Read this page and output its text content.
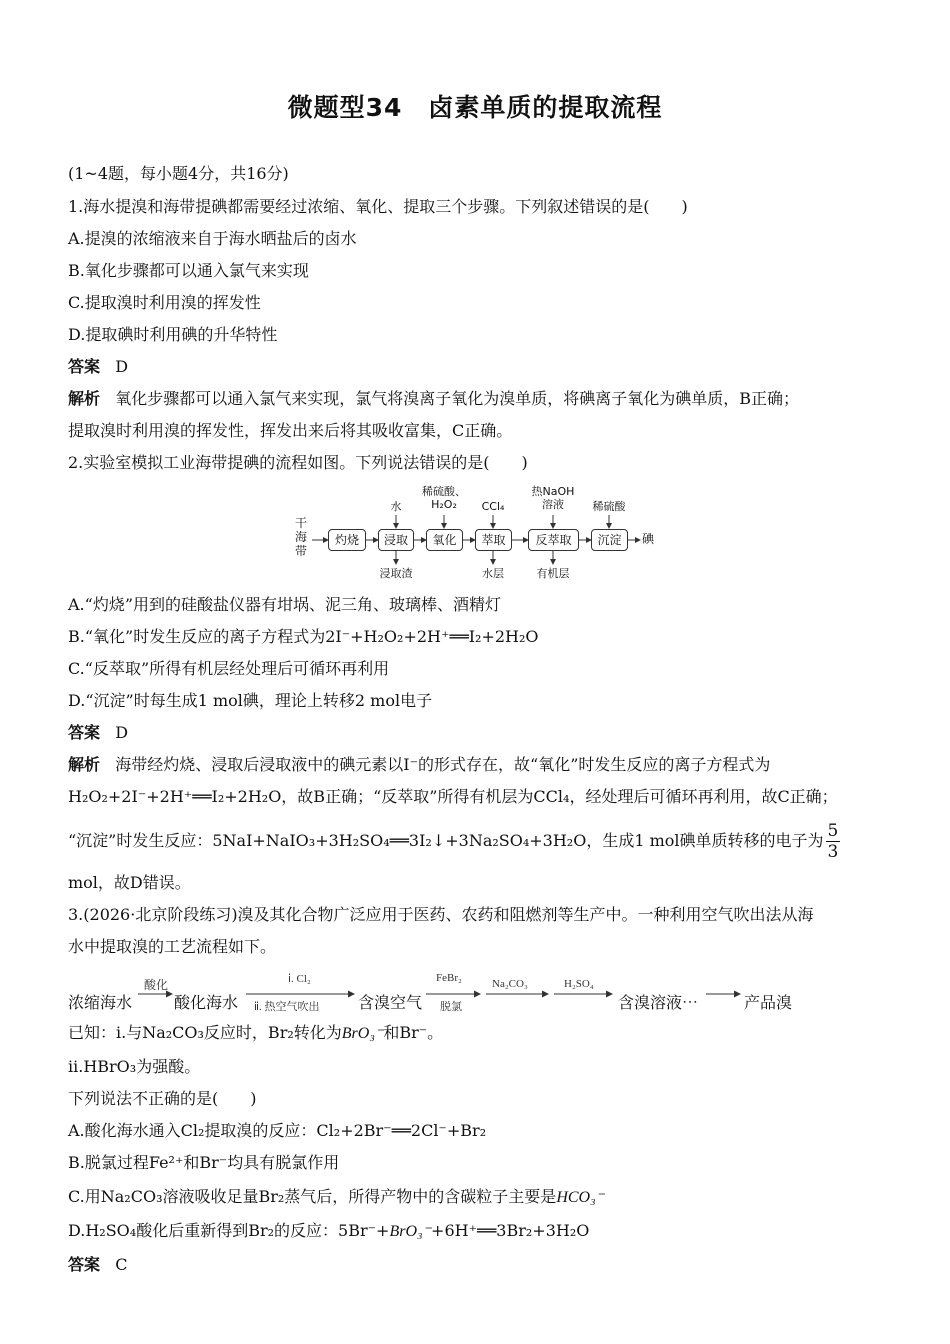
微题型34　卤素单质的提取流程
(1~4题，每小题4分，共16分)
1.海水提溴和海带提碘都需要经过浓缩、氧化、提取三个步骤。下列叙述错误的是(　　)
A.提溴的浓缩液来自于海水晒盐后的卤水
B.氧化步骤都可以通入氯气来实现
C.提取溴时利用溴的挥发性
D.提取碘时利用碘的升华特性
答案 D
解析 氧化步骤都可以通入氯气来实现，氯气将溴离子氧化为溴单质，将碘离子氧化为碘单质，B正确；
提取溴时利用溴的挥发性，挥发出来后将其吸收富集，C正确。
2.实验室模拟工业海带提碘的流程如图。下列说法错误的是(　　)
干海带
灼烧	浸取	氧化	萃取	反萃取	沉淀	碘
水
稀硫酸、H₂O₂	CCl₄
热NaOH溶液	稀硫酸
浸取渣	水层	有机层
A.“灼烧”用到的硅酸盐仪器有坩埚、泥三角、玻璃棒、酒精灯
B.“氧化”时发生反应的离子方程式为2I⁻+H₂O₂+2H⁺══I₂+2H₂O
C.“反萃取”所得有机层经处理后可循环再利用
D.“沉淀”时每生成1 mol碘，理论上转移2 mol电子
答案 D
解析 海带经灼烧、浸取后浸取液中的碘元素以I⁻的形式存在，故“氧化”时发生反应的离子方程式为
H₂O₂+2I⁻+2H⁺══I₂+2H₂O，故B正确；“反萃取”所得有机层为CCl₄，经处理后可循环再利用，故C正确；
“沉淀”时发生反应：5NaI+NaIO₃+3H₂SO₄══3I₂↓+3Na₂SO₄+3H₂O，生成1 mol碘单质转移的电子为 $\frac{5}{3}$
mol，故D错误。
3.(2026·北京阶段练习)溴及其化合物广泛应用于医药、农药和阻燃剂等生产中。一种利用空气吹出法从海
水中提取溴的工艺流程如下。
浓缩海水
酸化
酸化海水
ⅰ. Cl₂
ⅱ. 热空气吹出 含溴空气
FeBr₂
脱氯
Na₂CO₃	H₂SO₄
含溴溶液⋯	产品溴
已知：ⅰ.与Na₂CO₃反应时，Br₂转化为BrO₃⁻和Br⁻。
ⅱ.HBrO₃为强酸。
下列说法不正确的是(　　)
A.酸化海水通入Cl₂提取溴的反应：Cl₂+2Br⁻══2Cl⁻+Br₂
B.脱氯过程Fe²⁺和Br⁻均具有脱氯作用
C.用Na₂CO₃溶液吸收足量Br₂蒸气后，所得产物中的含碳粒子主要是HCO₃⁻
D.H₂SO₄酸化后重新得到Br₂的反应：5Br⁻+BrO₃⁻+6H⁺══3Br₂+3H₂O
答案 C
